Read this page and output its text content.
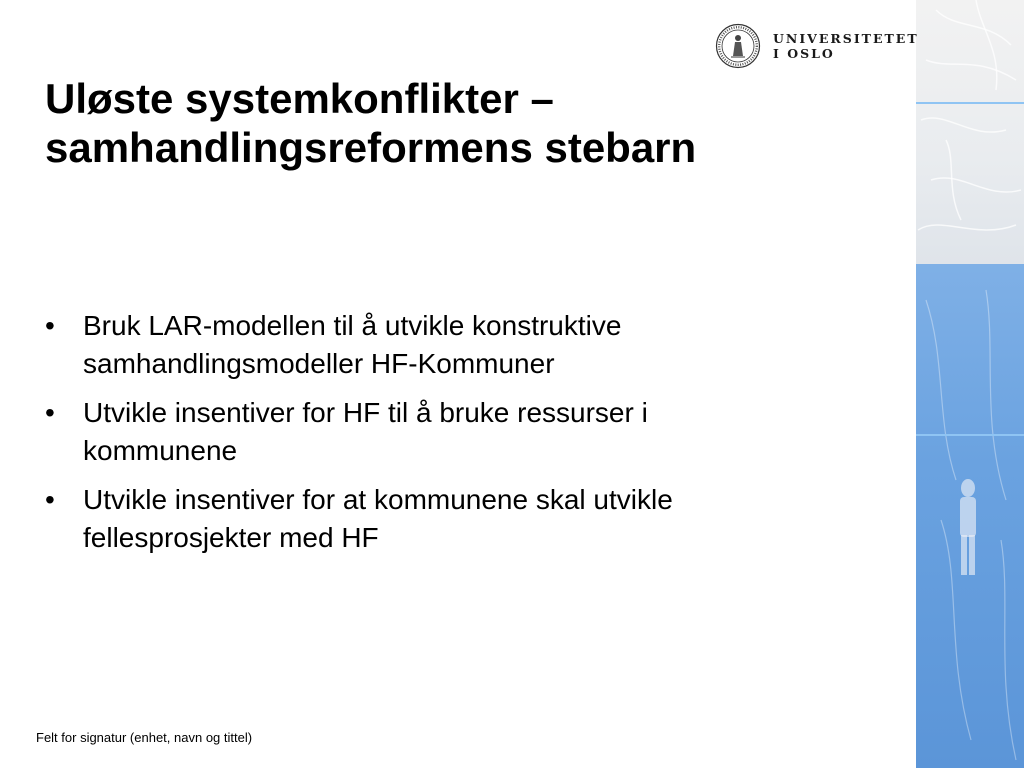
UNIVERSITETET
I OSLO
Uløste systemkonflikter –
samhandlingsreformens stebarn
• Bruk LAR-modellen til å utvikle konstruktive
samhandlingsmodeller HF-Kommuner
• Utvikle insentiver for HF til å bruke ressurser i
kommunene
• Utvikle insentiver for at kommunene skal utvikle
fellesprosjekter med HF
Felt for signatur (enhet, navn og tittel)
